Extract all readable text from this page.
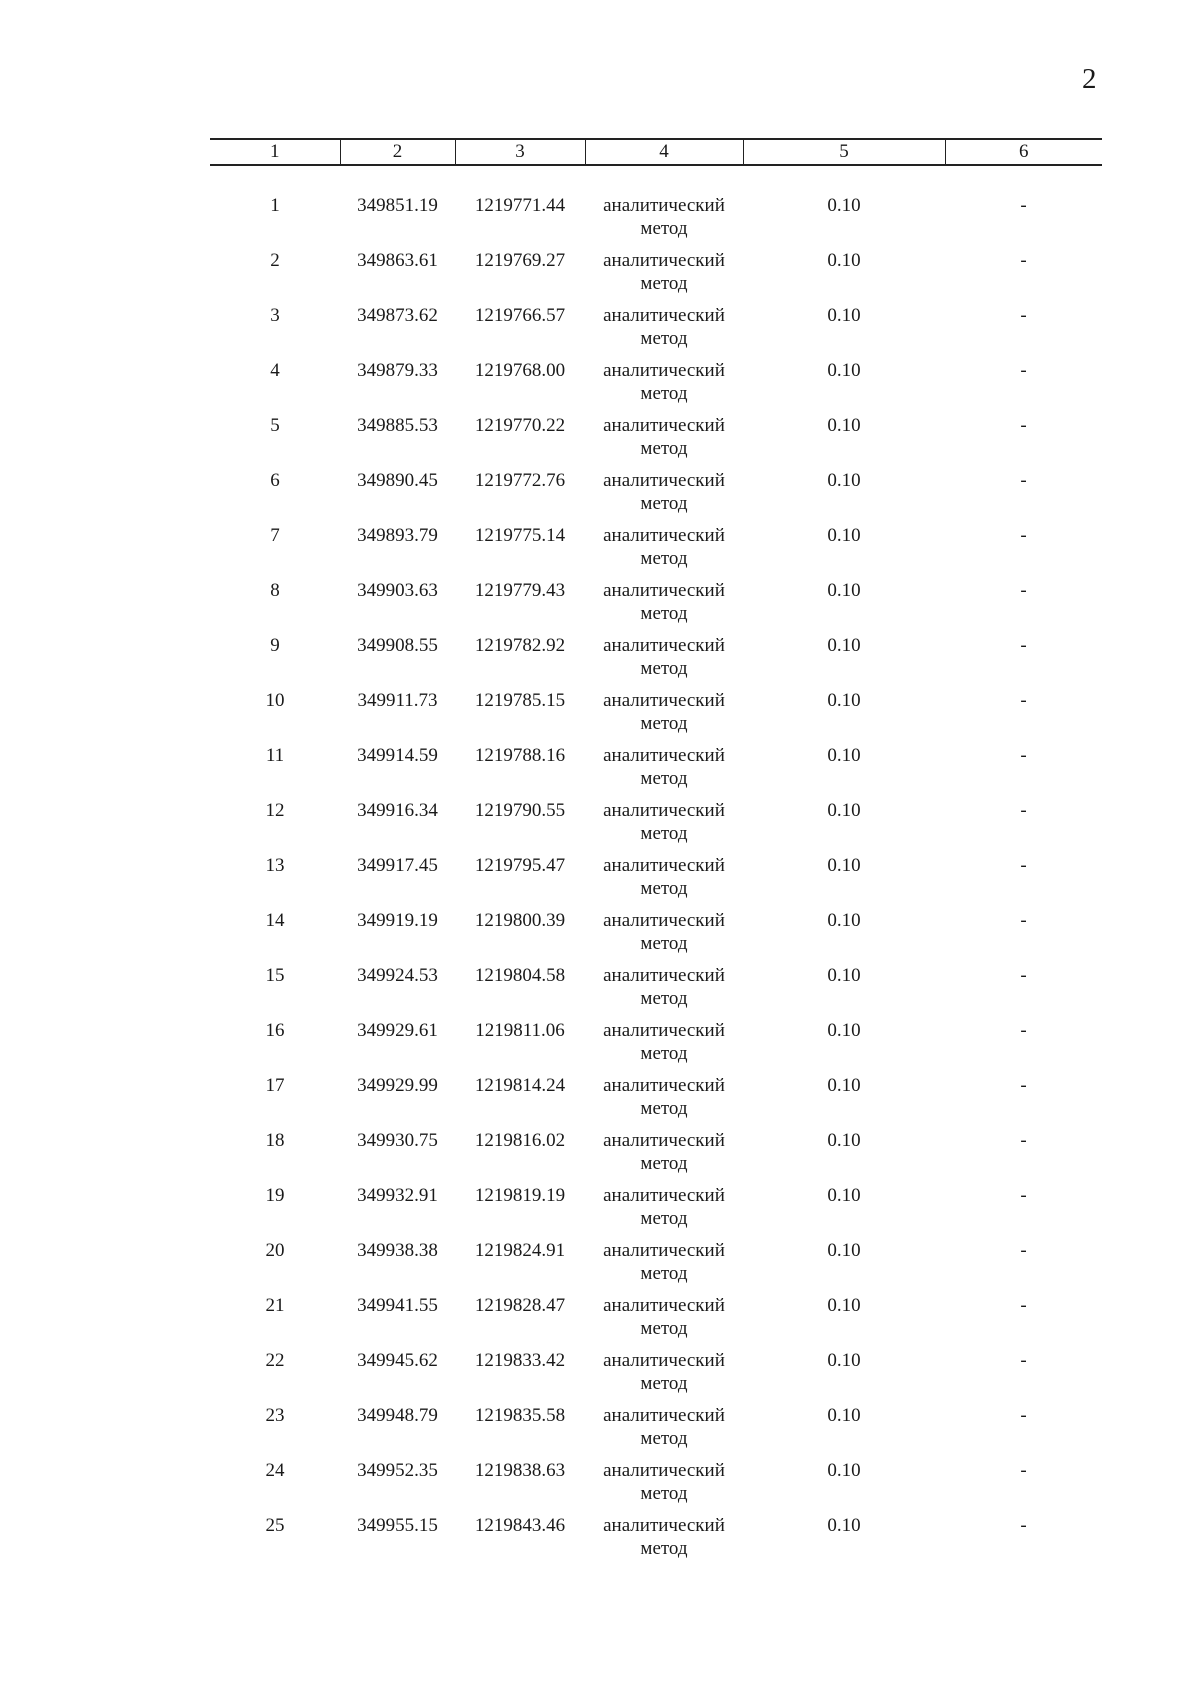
2
1	2	3	4	5	6

1	349851.19	1219771.44	аналитический
метод	0.10	-
2	349863.61	1219769.27	аналитический
метод	0.10	-
3	349873.62	1219766.57	аналитический
метод	0.10	-
4	349879.33	1219768.00	аналитический
метод	0.10	-
5	349885.53	1219770.22	аналитический
метод	0.10	-
6	349890.45	1219772.76	аналитический
метод	0.10	-
7	349893.79	1219775.14	аналитический
метод	0.10	-
8	349903.63	1219779.43	аналитический
метод	0.10	-
9	349908.55	1219782.92	аналитический
метод	0.10	-
10	349911.73	1219785.15	аналитический
метод	0.10	-
11	349914.59	1219788.16	аналитический
метод	0.10	-
12	349916.34	1219790.55	аналитический
метод	0.10	-
13	349917.45	1219795.47	аналитический
метод	0.10	-
14	349919.19	1219800.39	аналитический
метод	0.10	-
15	349924.53	1219804.58	аналитический
метод	0.10	-
16	349929.61	1219811.06	аналитический
метод	0.10	-
17	349929.99	1219814.24	аналитический
метод	0.10	-
18	349930.75	1219816.02	аналитический
метод	0.10	-
19	349932.91	1219819.19	аналитический
метод	0.10	-
20	349938.38	1219824.91	аналитический
метод	0.10	-
21	349941.55	1219828.47	аналитический
метод	0.10	-
22	349945.62	1219833.42	аналитический
метод	0.10	-
23	349948.79	1219835.58	аналитический
метод	0.10	-
24	349952.35	1219838.63	аналитический
метод	0.10	-
25	349955.15	1219843.46	аналитический
метод	0.10	-
